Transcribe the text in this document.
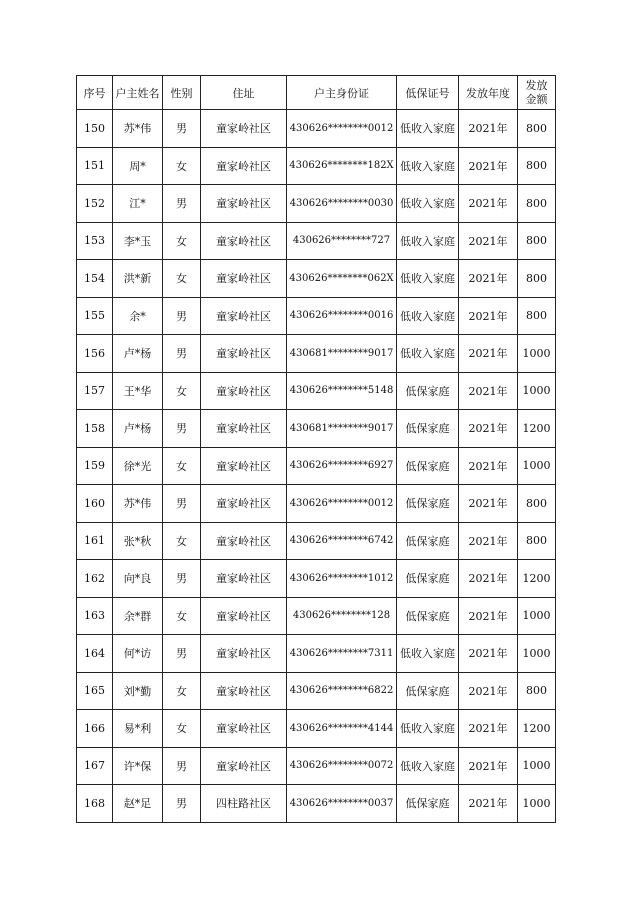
序号	户主姓名	性别	住址	户主身份证	低保证号	发放年度	发放
金额
150	苏*伟	男	童家岭社区	430626********0012	低收入家庭	2021年	800
151	周*	女	童家岭社区	430626********182X	低收入家庭	2021年	800
152	江*	男	童家岭社区	430626********0030	低收入家庭	2021年	800
153	李*玉	女	童家岭社区	430626********727	低收入家庭	2021年	800
154	洪*新	女	童家岭社区	430626********062X	低收入家庭	2021年	800
155	余*	男	童家岭社区	430626********0016	低收入家庭	2021年	800
156	卢*杨	男	童家岭社区	430681********9017	低收入家庭	2021年	1000
157	王*华	女	童家岭社区	430626********5148	低保家庭	2021年	1000
158	卢*杨	男	童家岭社区	430681********9017	低保家庭	2021年	1200
159	徐*光	女	童家岭社区	430626********6927	低保家庭	2021年	1000
160	苏*伟	男	童家岭社区	430626********0012	低保家庭	2021年	800
161	张*秋	女	童家岭社区	430626********6742	低保家庭	2021年	800
162	向*良	男	童家岭社区	430626********1012	低保家庭	2021年	1200
163	余*群	女	童家岭社区	430626********128	低保家庭	2021年	1000
164	何*访	男	童家岭社区	430626********7311	低收入家庭	2021年	1000
165	刘*勤	女	童家岭社区	430626********6822	低保家庭	2021年	800
166	易*利	女	童家岭社区	430626********4144	低收入家庭	2021年	1200
167	许*保	男	童家岭社区	430626********0072	低收入家庭	2021年	1000
168	赵*足	男	四柱路社区	430626********0037	低保家庭	2021年	1000
